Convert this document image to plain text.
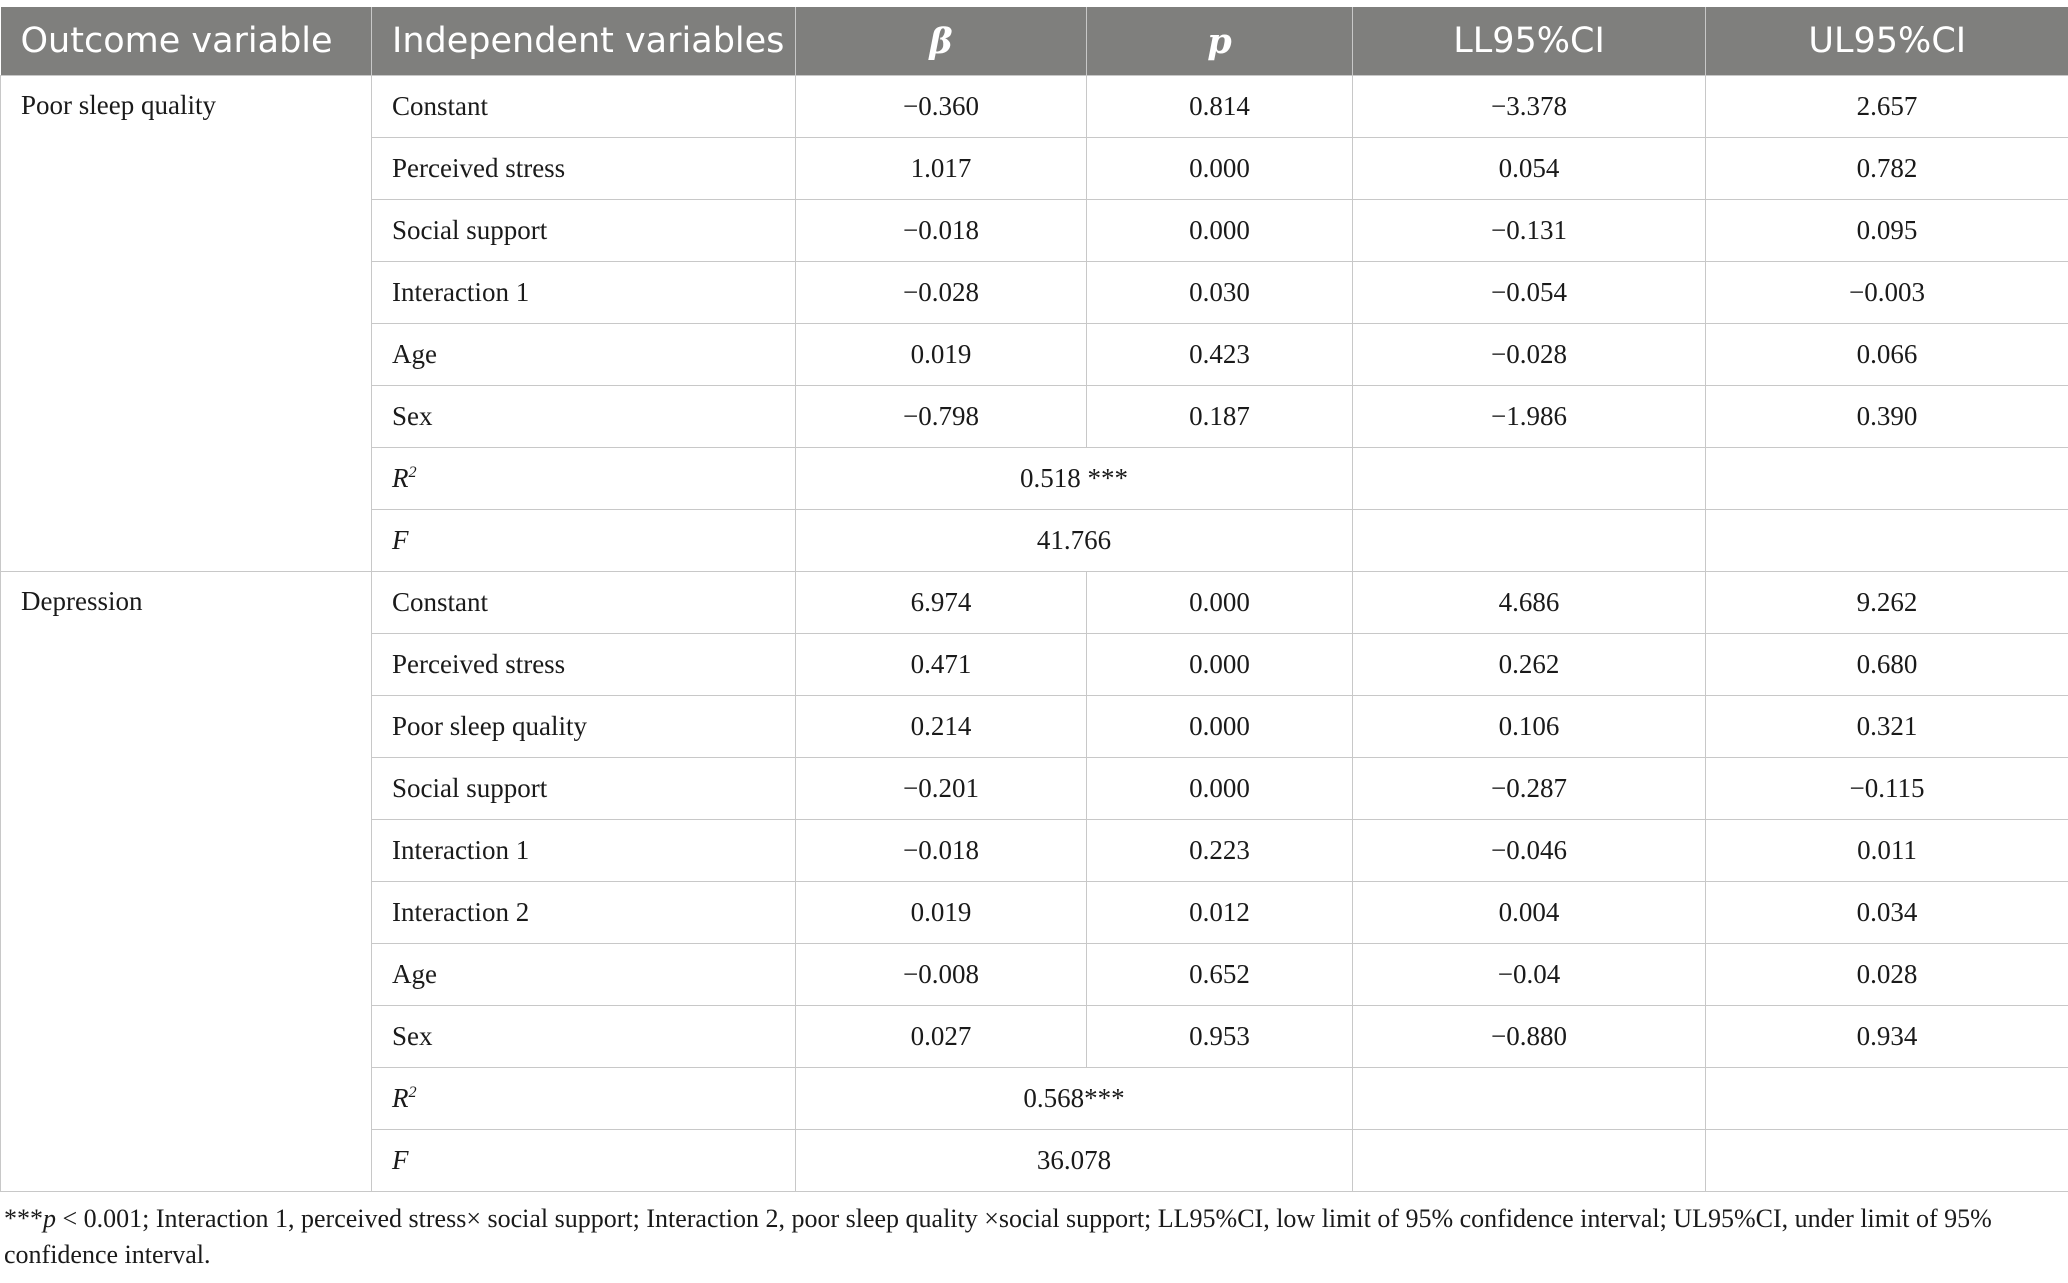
Outcome variable	Independent variables	β	p	LL95%CI	UL95%CI
Poor sleep quality	Constant	−0.360	0.814	−3.378	2.657
	Perceived stress	1.017	0.000	0.054	0.782
	Social support	−0.018	0.000	−0.131	0.095
	Interaction 1	−0.028	0.030	−0.054	−0.003
	Age	0.019	0.423	−0.028	0.066
	Sex	−0.798	0.187	−1.986	0.390
	$R^2$	0.518 ***			
	F	41.766			
Depression	Constant	6.974	0.000	4.686	9.262
	Perceived stress	0.471	0.000	0.262	0.680
	Poor sleep quality	0.214	0.000	0.106	0.321
	Social support	−0.201	0.000	−0.287	−0.115
	Interaction 1	−0.018	0.223	−0.046	0.011
	Interaction 2	0.019	0.012	0.004	0.034
	Age	−0.008	0.652	−0.04	0.028
	Sex	0.027	0.953	−0.880	0.934
	$R^2$	0.568***			
	F	36.078			
***p < 0.001; Interaction 1, perceived stress× social support; Interaction 2, poor sleep quality ×social support; LL95%CI, low limit of 95% confidence interval; UL95%CI, under limit of 95% confidence interval.
